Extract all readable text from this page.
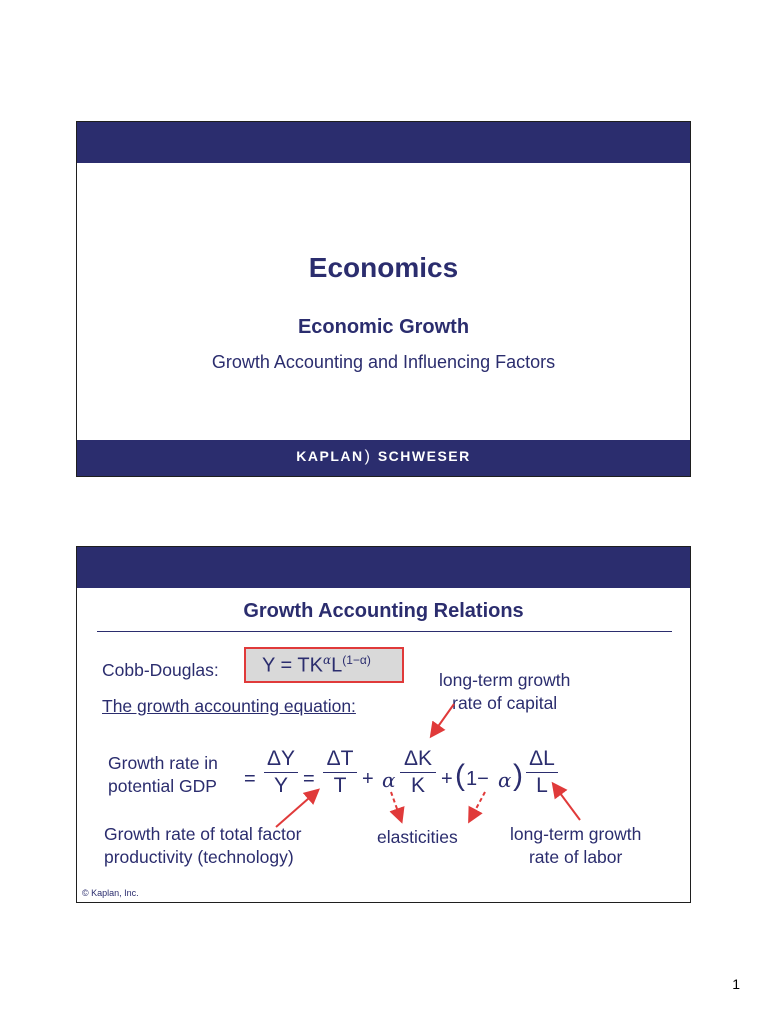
Economics
Economic Growth
Growth Accounting and Influencing Factors
KAPLAN) SCHWESER
Growth Accounting Relations
Cobb-Douglas: $Y = TK^\alpha L^{(1-\alpha)}$
The growth accounting equation:
long-term growth
rate of capital
Growth rate in
potential GDP =
ΔY
Y =
ΔT
T + α
ΔK
K + ( 1− α )
ΔL
L
Growth rate of total factor
productivity (technology)
elasticities	long-term growth
rate of labor
© Kaplan, Inc.
1
